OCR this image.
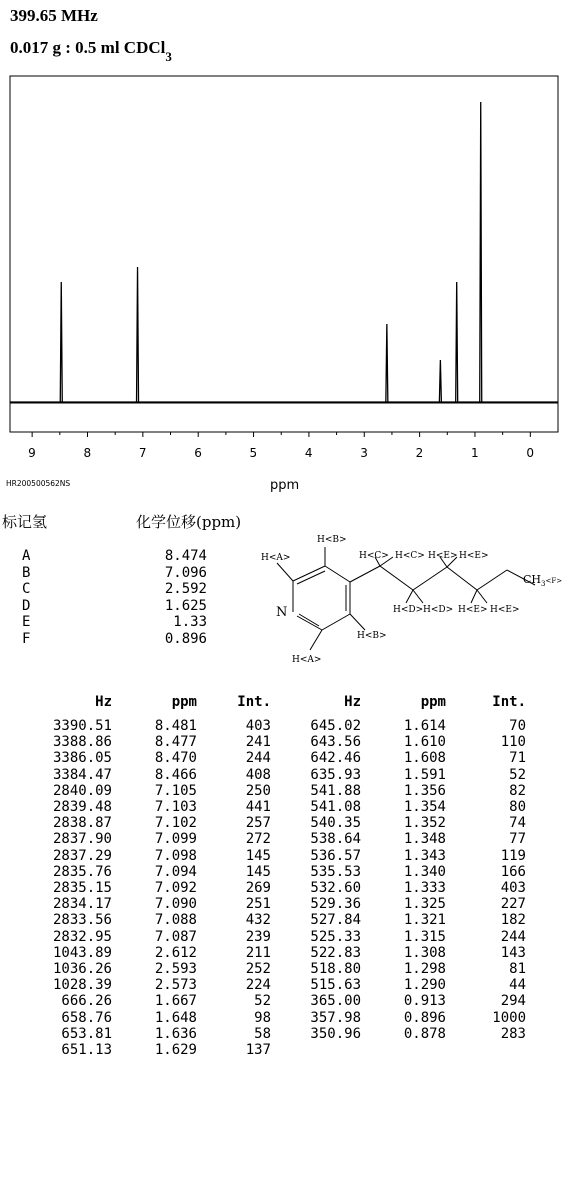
399.65 MHz
0.017 g : 0.5 ml CDCl$_3$
9	8	7	6	5	4	3	2	1	0
ppm
HR200500562NS
标记氢	化学位移(ppm)
A	8.474
B	7.096
C	2.592
D	1.625
E	1.33
F	0.896
H<B>
H<A>
N
H<B>
H<A>
H<C> H<C> H<E> H<E>
H<D> H<D> H<E> H<E>
$CH_3^{<F>}$
Hz	ppm	Int.	Hz	ppm	Int.
3390.51	8.481	403	645.02	1.614	70
3388.86	8.477	241	643.56	1.610	110
3386.05	8.470	244	642.46	1.608	71
3384.47	8.466	408	635.93	1.591	52
2840.09	7.105	250	541.88	1.356	82
2839.48	7.103	441	541.08	1.354	80
2838.87	7.102	257	540.35	1.352	74
2837.90	7.099	272	538.64	1.348	77
2837.29	7.098	145	536.57	1.343	119
2835.76	7.094	145	535.53	1.340	166
2835.15	7.092	269	532.60	1.333	403
2834.17	7.090	251	529.36	1.325	227
2833.56	7.088	432	527.84	1.321	182
2832.95	7.087	239	525.33	1.315	244
1043.89	2.612	211	522.83	1.308	143
1036.26	2.593	252	518.80	1.298	81
1028.39	2.573	224	515.63	1.290	44
666.26	1.667	52	365.00	0.913	294
658.76	1.648	98	357.98	0.896	1000
653.81	1.636	58	350.96	0.878	283
651.13	1.629	137			
